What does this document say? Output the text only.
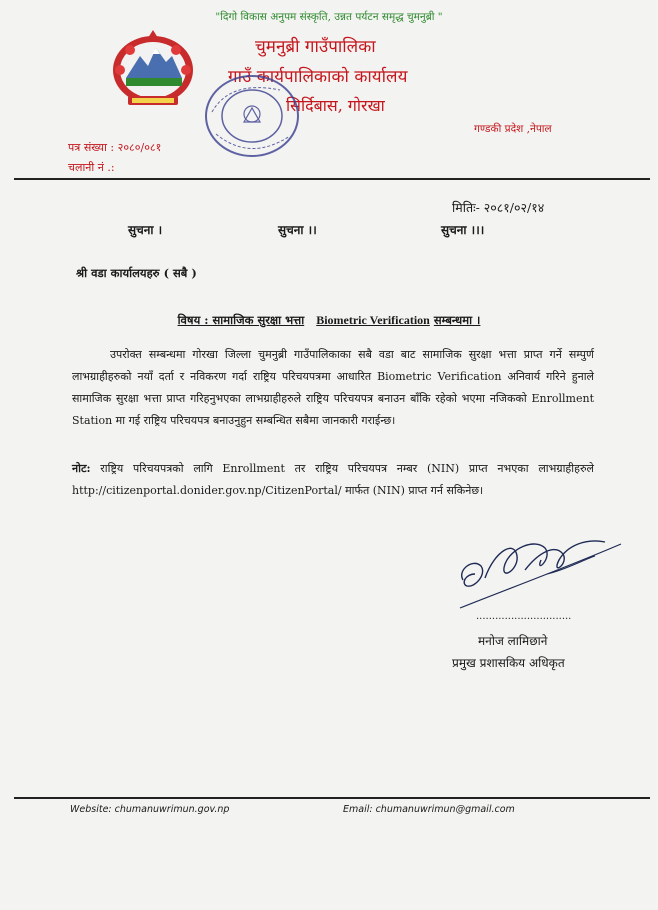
"दिगो विकास अनुपम संस्कृति, उन्नत पर्यटन समृद्ध चुमनुब्री "
चुमनुब्री गाउँपालिका
गाउँ कार्यपालिकाको कार्यालय
सिर्दिबास, गोरखा
गण्डकी प्रदेश ,नेपाल
पत्र संख्या : २०८०/०८१
चलानी नं .:
मितिः- २०८१/०२/१४
सुचना ।	सुचना ।।	सुचना ।।।
श्री वडा कार्यालयहरु ( सबै )
विषय : सामाजिक सुरक्षा भत्ता Biometric Verification सम्बन्धमा ।
उपरोक्त सम्बन्धमा गोरखा जिल्ला चुमनुब्री गाउँपालिकाका सबै वडा बाट सामाजिक सुरक्षा भत्ता प्राप्त गर्ने सम्पुर्ण लाभग्राहीहरुको नयाँ दर्ता र नविकरण गर्दा राष्ट्रिय परिचयपत्रमा आधारित Biometric Verification अनिवार्य गरिने हुनाले सामाजिक सुरक्षा भत्ता प्राप्त गरिहनुभएका लाभग्राहीहरुले राष्ट्रिय परिचयपत्र बनाउन बाँकि रहेको भएमा नजिकको Enrollment Station मा गई राष्ट्रिय परिचयपत्र बनाउनुहुन सम्बन्धित सबैमा जानकारी गराईन्छ।
नोट: राष्ट्रिय परिचयपत्रको लागि Enrollment तर राष्ट्रिय परिचयपत्र नम्बर (NIN) प्राप्त नभएका लाभग्राहीहरुले http://citizenportal.donider.gov.np/CitizenPortal/ मार्फत (NIN) प्राप्त गर्न सकिनेछ।
..............................
मनोज लामिछाने
प्रमुख प्रशासकिय अधिकृत
Website: chumanuwrimun.gov.np	Email: chumanuwrimun@gmail.com
